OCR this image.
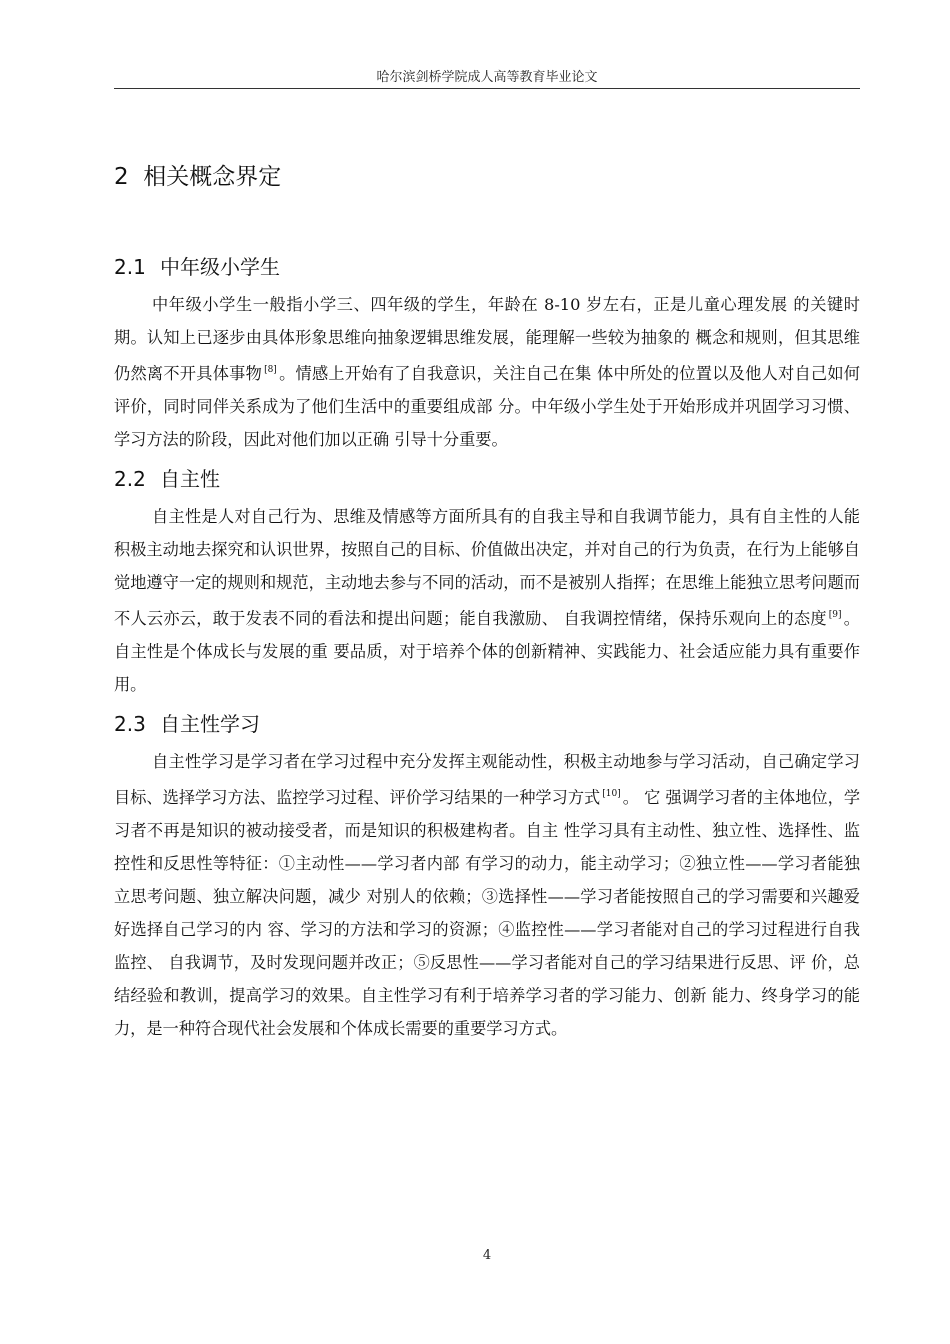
哈尔滨剑桥学院成人高等教育毕业论文
2 相关概念界定
2.1 中年级小学生

中年级小学生一般指小学三、四年级的学生，年龄在 8-10 岁左右，正是儿童心理发展 的关键时期。认知上已逐步由具体形象思维向抽象逻辑思维发展，能理解一些较为抽象的 概念和规则，但其思维仍然离不开具体事物 [8] 。情感上开始有了自我意识，关注自己在集 体中所处的位置以及他人对自己如何评价，同时同伴关系成为了他们生活中的重要组成部 分。中年级小学生处于开始形成并巩固学习习惯、学习方法的阶段，因此对他们加以正确 引导十分重要。

2.2 自主性

自主性是人对自己行为、思维及情感等方面所具有的自我主导和自我调节能力，具有自主性的人能积极主动地去探究和认识世界，按照自己的目标、价值做出决定，并对自己的行为负责，在行为上能够自觉地遵守一定的规则和规范，主动地去参与不同的活动，而不是被别人指挥；在思维上能独立思考问题而不人云亦云，敢于发表不同的看法和提出问题；能自我激励、 自我调控情绪，保持乐观向上的态度 [9] 。 自主性是个体成长与发展的重 要品质，对于培养个体的创新精神、实践能力、社会适应能力具有重要作用。

2.3 自主性学习

自主性学习是学习者在学习过程中充分发挥主观能动性，积极主动地参与学习活动，自己确定学习目标、选择学习方法、监控学习过程、评价学习结果的一种学习方式 [10] 。 它 强调学习者的主体地位，学习者不再是知识的被动接受者，而是知识的积极建构者。自主 性学习具有主动性、独立性、选择性、监控性和反思性等特征：①主动性——学习者内部 有学习的动力，能主动学习；②独立性——学习者能独立思考问题、独立解决问题，减少 对别人的依赖；③选择性——学习者能按照自己的学习需要和兴趣爱好选择自己学习的内 容、学习的方法和学习的资源；④监控性——学习者能对自己的学习过程进行自我监控、 自我调节，及时发现问题并改正；⑤反思性——学习者能对自己的学习结果进行反思、评 价，总结经验和教训，提高学习的效果。自主性学习有利于培养学习者的学习能力、创新 能力、终身学习的能力，是一种符合现代社会发展和个体成长需要的重要学习方式。

4
